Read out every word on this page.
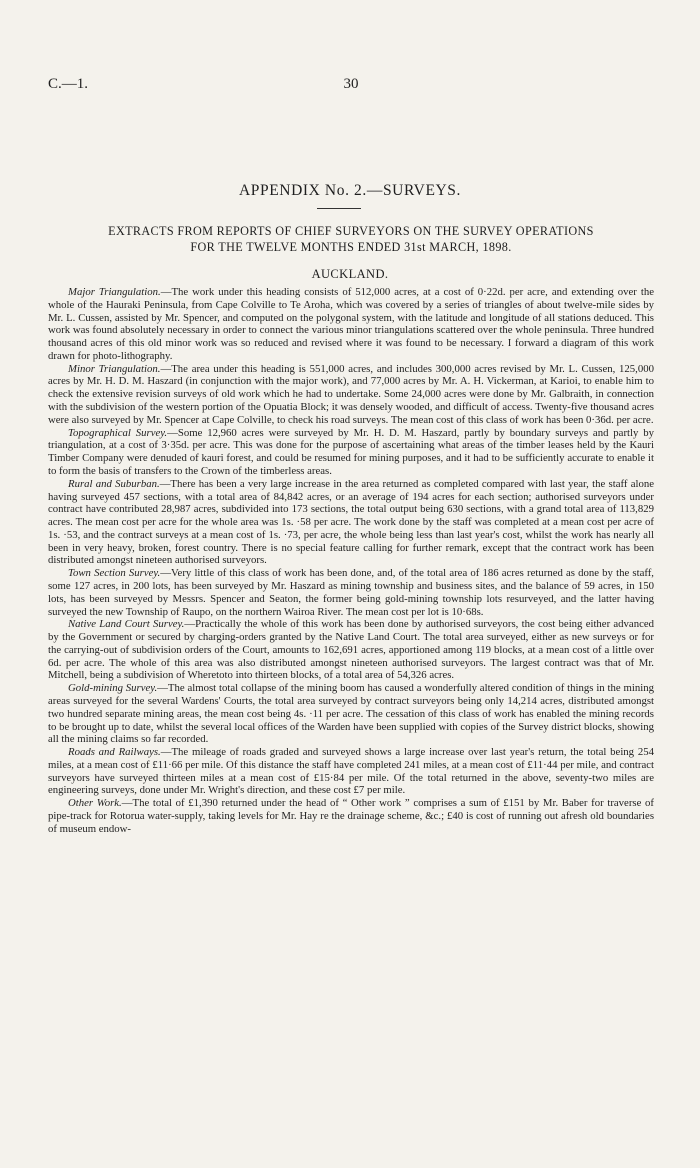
C.—1.	30
APPENDIX No. 2.—SURVEYS.
EXTRACTS FROM REPORTS OF CHIEF SURVEYORS ON THE SURVEY OPERATIONS
FOR THE TWELVE MONTHS ENDED 31st MARCH, 1898.
AUCKLAND.

Major Triangulation.—The work under this heading consists of 512,000 acres, at a cost of 0·22d. per acre, and extending over the whole of the Hauraki Peninsula, from Cape Colville to Te Aroha, which was covered by a series of triangles of about twelve-mile sides by Mr. L. Cussen, assisted by Mr. Spencer, and computed on the polygonal system, with the latitude and longitude of all stations deduced. This work was found absolutely necessary in order to connect the various minor triangulations scattered over the whole peninsula. Three hundred thousand acres of this old minor work was so reduced and revised where it was found to be necessary. I forward a diagram of this work drawn for photo-lithography.

Minor Triangulation.—The area under this heading is 551,000 acres, and includes 300,000 acres revised by Mr. L. Cussen, 125,000 acres by Mr. H. D. M. Haszard (in conjunction with the major work), and 77,000 acres by Mr. A. H. Vickerman, at Karioi, to enable him to check the extensive revision surveys of old work which he had to undertake. Some 24,000 acres were done by Mr. Galbraith, in connection with the subdivision of the western portion of the Opuatia Block; it was densely wooded, and difficult of access. Twenty-five thousand acres were also surveyed by Mr. Spencer at Cape Colville, to check his road surveys. The mean cost of this class of work has been 0·36d. per acre.

Topographical Survey.—Some 12,960 acres were surveyed by Mr. H. D. M. Haszard, partly by boundary surveys and partly by triangulation, at a cost of 3·35d. per acre. This was done for the purpose of ascertaining what areas of the timber leases held by the Kauri Timber Company were denuded of kauri forest, and could be resumed for mining purposes, and it had to be sufficiently accurate to enable it to form the basis of transfers to the Crown of the timberless areas.

Rural and Suburban.—There has been a very large increase in the area returned as completed compared with last year, the staff alone having surveyed 457 sections, with a total area of 84,842 acres, or an average of 194 acres for each section; authorised surveyors under contract have contributed 28,987 acres, subdivided into 173 sections, the total output being 630 sections, with a grand total area of 113,829 acres. The mean cost per acre for the whole area was 1s. ·58 per acre. The work done by the staff was completed at a mean cost per acre of 1s. ·53, and the contract surveys at a mean cost of 1s. ·73, per acre, the whole being less than last year's cost, whilst the work has nearly all been in very heavy, broken, forest country. There is no special feature calling for further remark, except that the contract work has been distributed amongst nineteen authorised surveyors.

Town Section Survey.—Very little of this class of work has been done, and, of the total area of 186 acres returned as done by the staff, some 127 acres, in 200 lots, has been surveyed by Mr. Haszard as mining township and business sites, and the balance of 59 acres, in 150 lots, has been surveyed by Messrs. Spencer and Seaton, the former being gold-mining township lots resurveyed, and the latter having surveyed the new Township of Raupo, on the northern Wairoa River. The mean cost per lot is 10·68s.

Native Land Court Survey.—Practically the whole of this work has been done by authorised surveyors, the cost being either advanced by the Government or secured by charging-orders granted by the Native Land Court. The total area surveyed, either as new surveys or for the carrying-out of subdivision orders of the Court, amounts to 162,691 acres, apportioned among 119 blocks, at a mean cost of a little over 6d. per acre. The whole of this area was also distributed amongst nineteen authorised surveyors. The largest contract was that of Mr. Mitchell, being a subdivision of Wheretoto into thirteen blocks, of a total area of 54,326 acres.

Gold-mining Survey.—The almost total collapse of the mining boom has caused a wonderfully altered condition of things in the mining areas surveyed for the several Wardens' Courts, the total area surveyed by contract surveyors being only 14,214 acres, distributed amongst two hundred separate mining areas, the mean cost being 4s. ·11 per acre. The cessation of this class of work has enabled the mining records to be brought up to date, whilst the several local offices of the Warden have been supplied with copies of the Survey district blocks, showing all the mining claims so far recorded.

Roads and Railways.—The mileage of roads graded and surveyed shows a large increase over last year's return, the total being 254 miles, at a mean cost of £11·66 per mile. Of this distance the staff have completed 241 miles, at a mean cost of £11·44 per mile, and contract surveyors have surveyed thirteen miles at a mean cost of £15·84 per mile. Of the total returned in the above, seventy-two miles are engineering surveys, done under Mr. Wright's direction, and these cost £7 per mile.

Other Work.—The total of £1,390 returned under the head of “ Other work ” comprises a sum of £151 by Mr. Baber for traverse of pipe-track for Rotorua water-supply, taking levels for Mr. Hay re the drainage scheme, &c.; £40 is cost of running out afresh old boundaries of museum endow-
